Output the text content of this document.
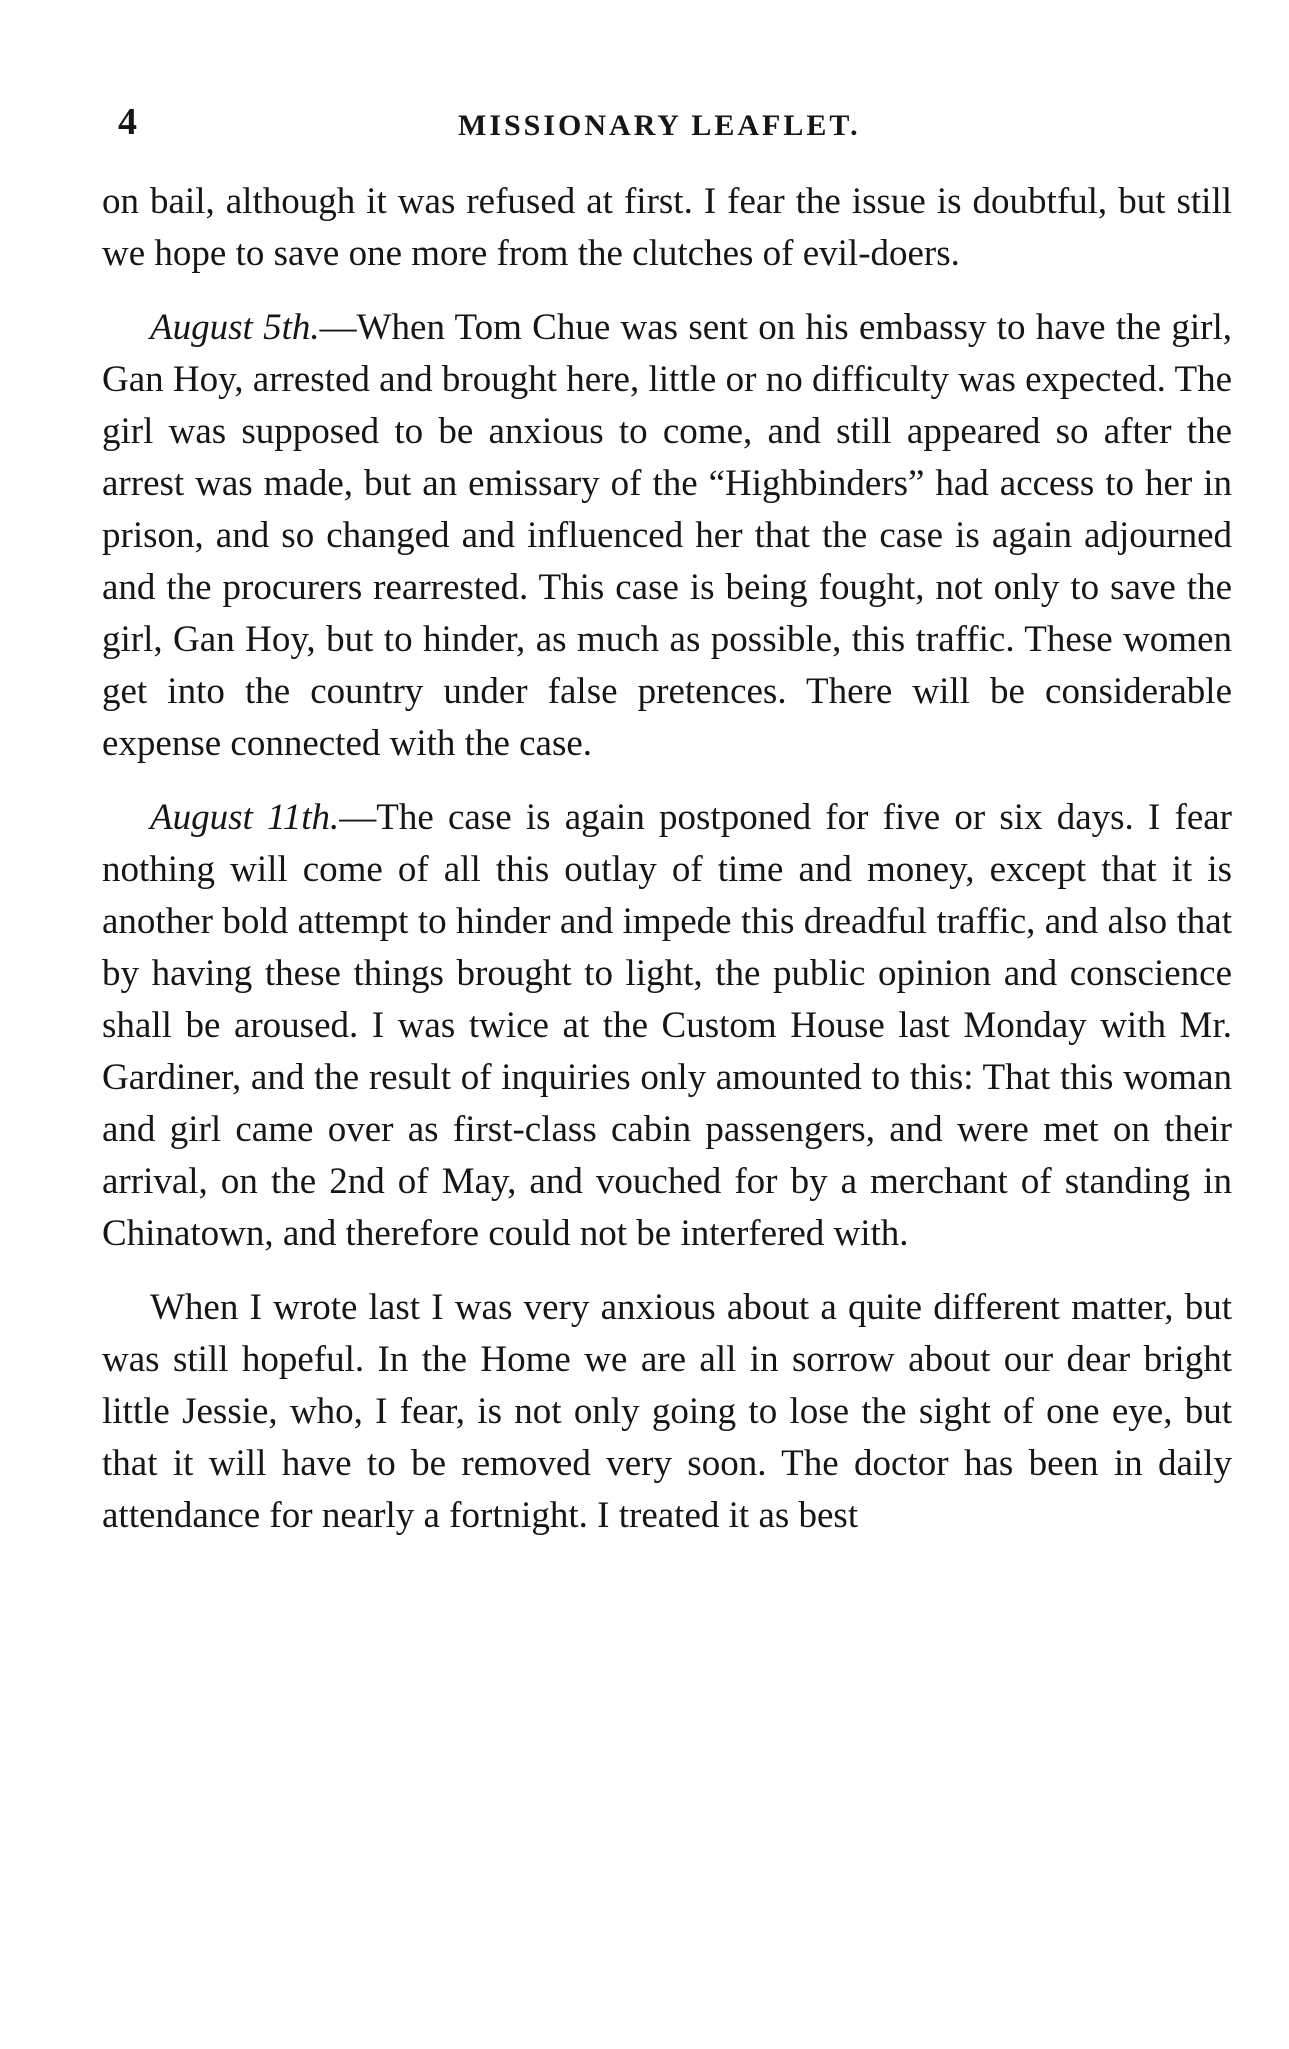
4	MISSIONARY LEAFLET.

on bail, although it was refused at first. I fear the issue is doubtful, but still we hope to save one more from the clutches of evil-doers.

August 5th.—When Tom Chue was sent on his embassy to have the girl, Gan Hoy, arrested and brought here, little or no difficulty was expected. The girl was supposed to be anxious to come, and still appeared so after the arrest was made, but an emissary of the “Highbinders” had access to her in prison, and so changed and influenced her that the case is again adjourned and the procurers rearrested. This case is being fought, not only to save the girl, Gan Hoy, but to hinder, as much as possible, this traffic. These women get into the country under false pretences. There will be considerable expense connected with the case.

August 11th.—The case is again postponed for five or six days. I fear nothing will come of all this outlay of time and money, except that it is another bold attempt to hinder and impede this dreadful traffic, and also that by having these things brought to light, the public opinion and conscience shall be aroused. I was twice at the Custom House last Monday with Mr. Gardiner, and the result of inquiries only amounted to this: That this woman and girl came over as first-class cabin passengers, and were met on their arrival, on the 2nd of May, and vouched for by a merchant of standing in Chinatown, and therefore could not be interfered with.

When I wrote last I was very anxious about a quite different matter, but was still hopeful. In the Home we are all in sorrow about our dear bright little Jessie, who, I fear, is not only going to lose the sight of one eye, but that it will have to be removed very soon. The doctor has been in daily attendance for nearly a fortnight. I treated it as best
